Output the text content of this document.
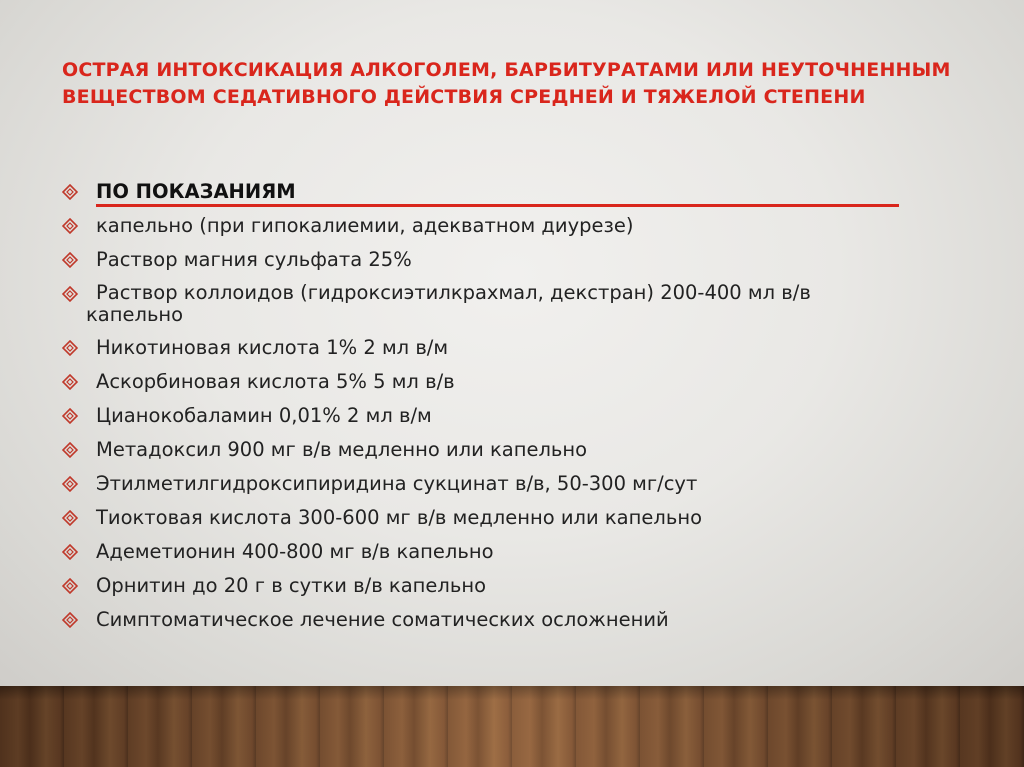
ОСТРАЯ ИНТОКСИКАЦИЯ АЛКОГОЛЕМ, БАРБИТУРАТАМИ ИЛИ НЕУТОЧНЕННЫМ
ВЕЩЕСТВОМ СЕДАТИВНОГО ДЕЙСТВИЯ СРЕДНЕЙ И ТЯЖЕЛОЙ СТЕПЕНИ
ПО ПОКАЗАНИЯМ
капельно (при гипокалиемии, адекватном диурезе)
Раствор магния сульфата 25%
Раствор коллоидов (гидроксиэтилкрахмал, декстран) 200-400 мл в/в
капельно
Никотиновая кислота 1% 2 мл в/м
Аскорбиновая кислота 5% 5 мл в/в
Цианокобаламин 0,01% 2 мл в/м
Метадоксил 900 мг в/в медленно или капельно
Этилметилгидроксипиридина сукцинат в/в, 50-300 мг/сут
Тиоктовая кислота 300-600 мг в/в медленно или капельно
Адеметионин 400-800 мг в/в капельно
Орнитин до 20 г в сутки в/в капельно
Симптоматическое лечение соматических осложнений
